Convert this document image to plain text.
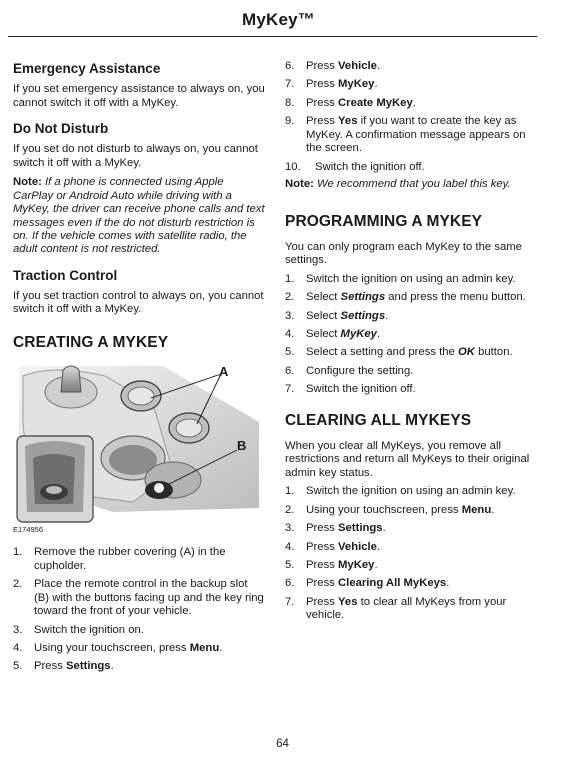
MyKey™
Emergency Assistance

If you set emergency assistance to always on, you cannot switch it off with a MyKey.

Do Not Disturb

If you set do not disturb to always on, you cannot switch it off with a MyKey.

Note: If a phone is connected using Apple CarPlay or Android Auto while driving with a MyKey, the driver can receive phone calls and text messages even if the do not disturb restriction is on. If the vehicle comes with satellite radio, the adult content is not restricted.

Traction Control

If you set traction control to always on, you cannot switch it off with a MyKey.

CREATING A MYKEY
A
B
E174956
1. Remove the rubber covering (A) in the cupholder.
2. Place the remote control in the backup slot (B) with the buttons facing up and the key ring toward the front of your vehicle.
3. Switch the ignition on.
4. Using your touchscreen, press Menu.
5. Press Settings.
6. Press Vehicle.
7. Press MyKey.
8. Press Create MyKey.
9. Press Yes if you want to create the key as MyKey. A confirmation message appears on the screen.
10. Switch the ignition off.

Note: We recommend that you label this key.

PROGRAMMING A MYKEY

You can only program each MyKey to the same settings.

1. Switch the ignition on using an admin key.
2. Select Settings and press the menu button.
3. Select Settings.
4. Select MyKey.
5. Select a setting and press the OK button.
6. Configure the setting.
7. Switch the ignition off.
CLEARING ALL MYKEYS

When you clear all MyKeys, you remove all restrictions and return all MyKeys to their original admin key status.

1. Switch the ignition on using an admin key.
2. Using your touchscreen, press Menu.
3. Press Settings.
4. Press Vehicle.
5. Press MyKey.
6. Press Clearing All MyKeys.
7. Press Yes to clear all MyKeys from your vehicle.
64
